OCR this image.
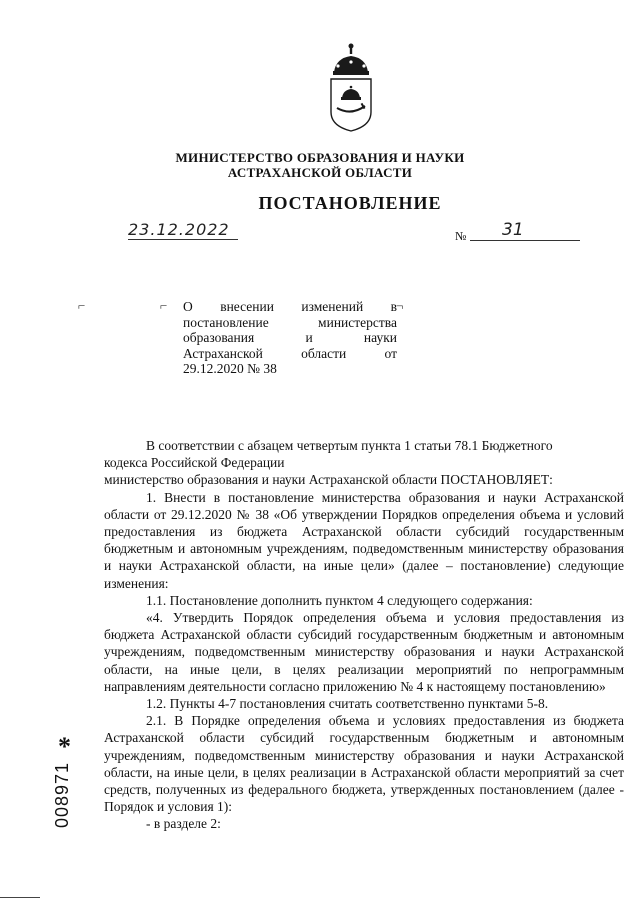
МИНИСТЕРСТВО ОБРАЗОВАНИЯ И НАУКИ
АСТРАХАНСКОЙ ОБЛАСТИ
ПОСТАНОВЛЕНИЕ
23.12.2022	№	31
⌐	⌐	¬
О внесении изменений в
постановление министерства
образования и науки
Астраханской области от
29.12.2020 № 38
В соответствии с абзацем четвертым пункта 1 статьи 78.1 Бюджетного
кодекса Российской Федерации
министерство образования и науки Астраханской области ПОСТАНОВЛЯЕТ:

1. Внести в постановление министерства образования и науки Астраханской области от 29.12.2020 № 38 «Об утверждении Порядков определения объема и условий предоставления из бюджета Астраханской области субсидий государственным бюджетным и автономным учреждениям, подведомственным министерству образования и науки Астраханской области, на иные цели» (далее – постановление) следующие изменения:

1.1. Постановление дополнить пунктом 4 следующего содержания:

«4. Утвердить Порядок определения объема и условия предоставления из бюджета Астраханской области субсидий государственным бюджетным и автономным учреждениям, подведомственным министерству образования и науки Астраханской области, на иные цели, в целях реализации мероприятий по непрограммным направлениям деятельности согласно приложению № 4 к настоящему постановлению»

1.2. Пункты 4-7 постановления считать соответственно пунктами 5-8.

2.1. В Порядке определения объема и условиях предоставления из бюджета Астраханской области субсидий государственным бюджетным и автономным учреждениям, подведомственным министерству образования и науки Астраханской области, на иные цели, в целях реализации в Астраханской области мероприятий за счет средств, полученных из федерального бюджета, утвержденных постановлением (далее - Порядок и условия 1):

- в разделе 2:

*
008971
